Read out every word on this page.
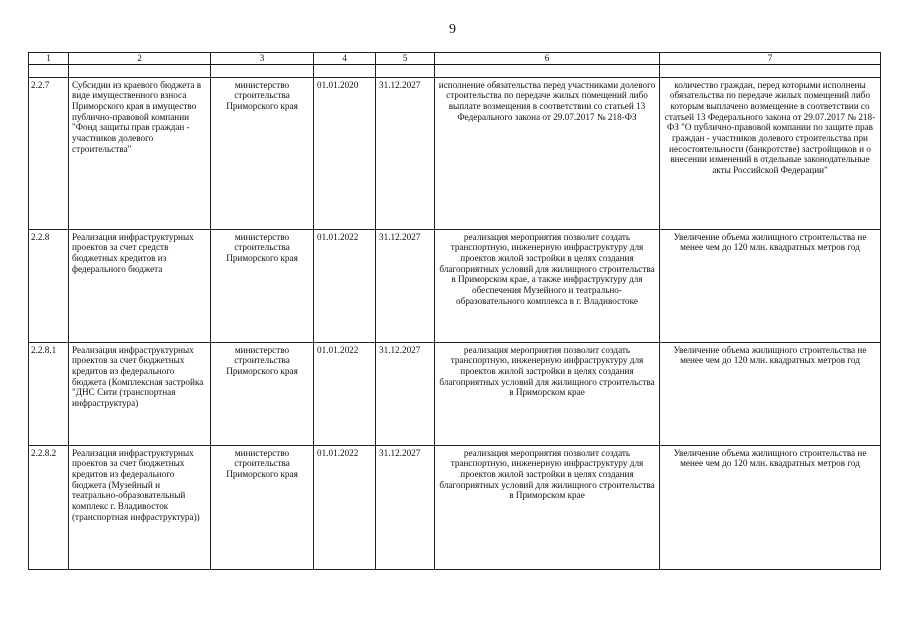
9
1	2	3	4	5	6	7

2.2.7	Субсидии из краевого бюджета в виде имущественного взноса Приморского края в имущество публично-правовой компании "Фонд защиты прав граждан - участников долевого строительства"	министерство строительства Приморского края	01.01.2020	31.12.2027	исполнение обязательства перед участниками долевого строительства по передаче жилых помещений либо выплате возмещения в соответствии со статьей 13 Федерального закона от 29.07.2017 № 218-ФЗ	количество граждан, перед которыми исполнены обязательства по передаче жилых помещений либо которым выплачено возмещение в соответствии со статьей 13 Федерального закона от 29.07.2017 № 218-ФЗ "О публично-правовой компании по защите прав граждан - участников долевого строительства при несостоятельности (банкротстве) застройщиков и о внесении изменений в отдельные законодательные акты Российской Федерации"
2.2.8	Реализация инфраструктурных проектов за счет средств бюджетных кредитов из федерального бюджета	министерство строительства Приморского края	01.01.2022	31.12.2027	реализация мероприятия позволит создать транспортную, инженерную инфраструктуру для проектов жилой застройки в целях создания благоприятных условий для жилищного строительства в Приморском крае, а также инфраструктуру для обеспечения Музейного и театрально-образовательного комплекса в г. Владивостоке	Увеличение объема жилищного строительства не менее чем до 120 млн. квадратных метров год
2.2.8.1	Реализация инфраструктурных проектов за счет бюджетных кредитов из федерального бюджета (Комплексная застройка "ДНС Сити (транспортная инфраструктура)	министерство строительства Приморского края	01.01.2022	31.12.2027	реализация мероприятия позволит создать транспортную, инженерную инфраструктуру для проектов жилой застройки в целях создания благоприятных условий для жилищного строительства в Приморском крае	Увеличение объема жилищного строительства не менее чем до 120 млн. квадратных метров год
2.2.8.2	Реализация инфраструктурных проектов за счет бюджетных кредитов из федерального бюджета (Музейный и театрально-образовательный комплекс г. Владивосток (транспортная инфраструктура))	министерство строительства Приморского края	01.01.2022	31.12.2027	реализация мероприятия позволит создать транспортную, инженерную инфраструктуру для проектов жилой застройки в целях создания благоприятных условий для жилищного строительства в Приморском крае	Увеличение объема жилищного строительства не менее чем до 120 млн. квадратных метров год
